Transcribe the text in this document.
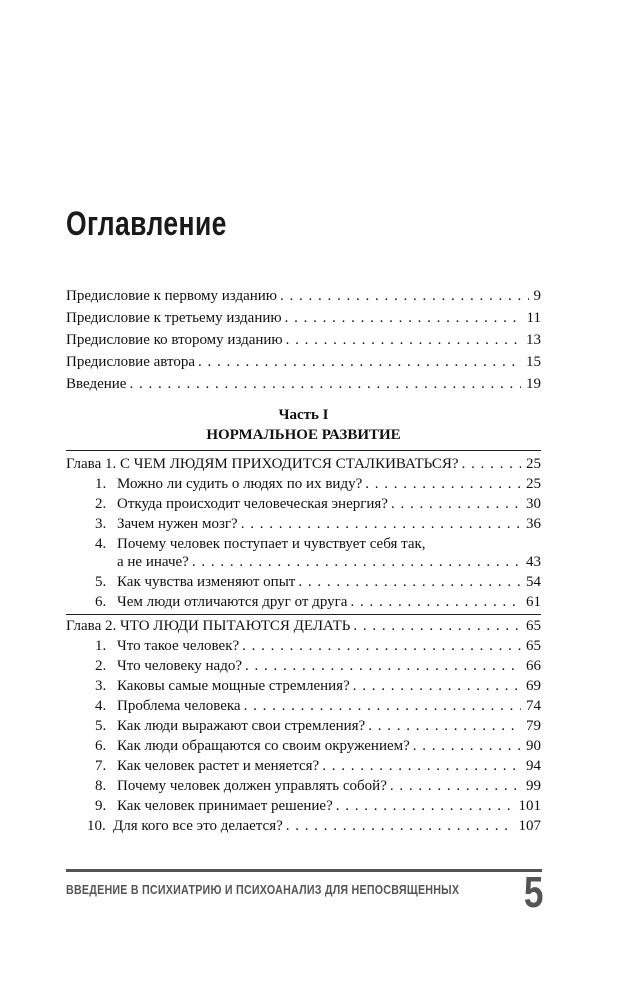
Оглавление
Предисловие к первому изданию . . .	9
Предисловие к третьему изданию . . .	11
Предисловие ко второму изданию . . .	13
Предисловие автора . . .	15
Введение . . .	19
Часть I
НОРМАЛЬНОЕ РАЗВИТИЕ
Глава 1. С ЧЕМ ЛЮДЯМ ПРИХОДИТСЯ СТАЛКИВАТЬСЯ? . . .	25
1. Можно ли судить о людях по их виду? . . .	25
2. Откуда происходит человеческая энергия? . . .	30
3. Зачем нужен мозг? . . .	36
4. Почему человек поступает и чувствует себя так,
а не иначе? . . .	43
5. Как чувства изменяют опыт . . .	54
6. Чем люди отличаются друг от друга . . .	61
Глава 2. ЧТО ЛЮДИ ПЫТАЮТСЯ ДЕЛАТЬ . . .	65
1. Что такое человек? . . .	65
2. Что человеку надо? . . .	66
3. Каковы самые мощные стремления? . . .	69
4. Проблема человека . . .	74
5. Как люди выражают свои стремления? . . .	79
6. Как люди обращаются со своим окружением? . . .	90
7. Как человек растет и меняется? . . .	94
8. Почему человек должен управлять собой? . . .	99
9. Как человек принимает решение? . . .	101
10. Для кого все это делается? . . .	107
ВВЕДЕНИЕ В ПСИХИАТРИЮ И ПСИХОАНАЛИЗ ДЛЯ НЕПОСВЯЩЕННЫХ 5
